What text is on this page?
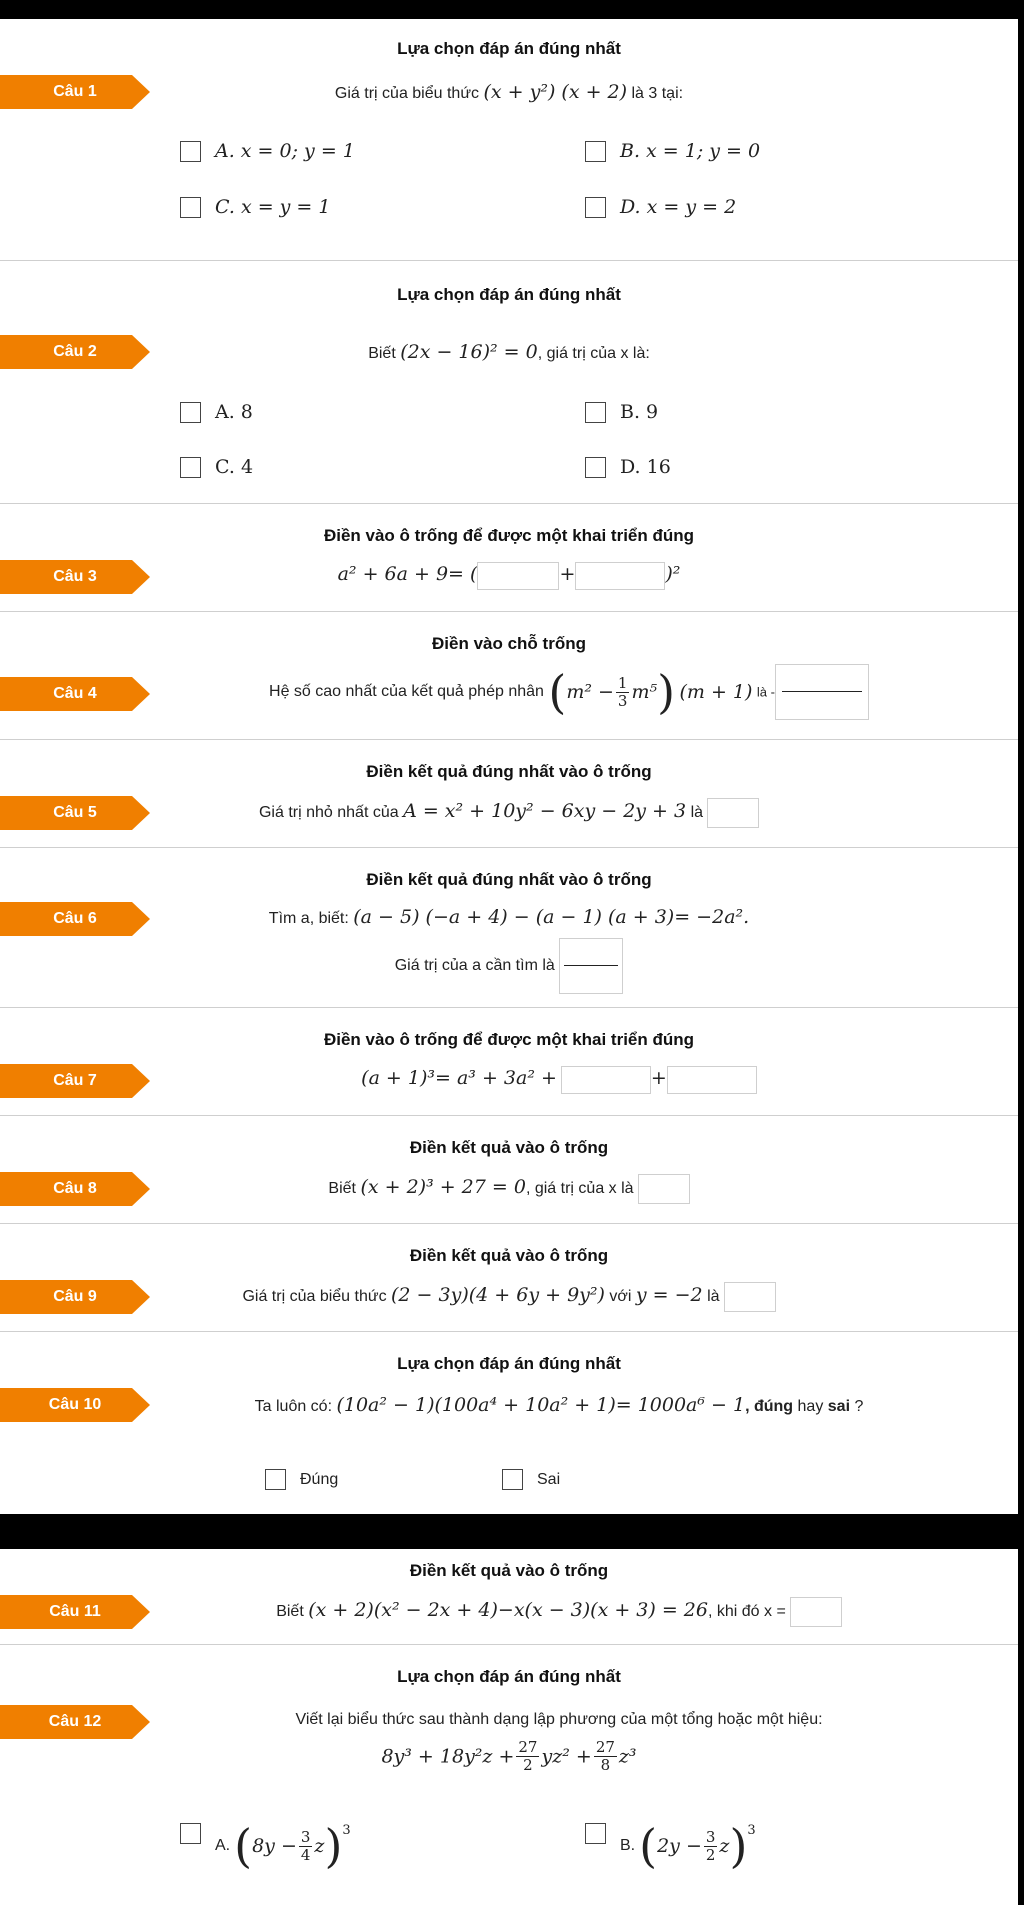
Lựa chọn đáp án đúng nhất
Câu 1	Giá trị của biểu thức (x + y²) (x + 2) là 3 tại:
A. x = 0; y = 1	B. x = 1; y = 0
C. x = y = 1	D. x = y = 2
Lựa chọn đáp án đúng nhất
Câu 2	Biết (2x − 16)² = 0, giá trị của x là:
A. 8	B. 9
C. 4	D. 16
Điền vào ô trống để được một khai triển đúng
Câu 3	a² + 6a + 9= (	+	)²
Điền vào chỗ trống
Câu 4	Hệ số cao nhất của kết quả phép nhân $(m^2 - \frac{1}{3} m^5)$ (m + 1) là -
Điền kết quả đúng nhất vào ô trống
Câu 5	Giá trị nhỏ nhất của A = x² + 10y² − 6xy − 2y + 3 là
Điền kết quả đúng nhất vào ô trống
Câu 6	Tìm a, biết: (a − 5) (−a + 4) − (a − 1) (a + 3)= −2a².
Giá trị của a cần tìm là
Điền vào ô trống để được một khai triển đúng
Câu 7	(a + 1)³= a³ + 3a² +	+
Điền kết quả vào ô trống
Câu 8	Biết (x + 2)³ + 27 = 0, giá trị của x là
Điền kết quả vào ô trống
Câu 9	Giá trị của biểu thức (2 − 3y)(4 + 6y + 9y²) với y = −2 là
Lựa chọn đáp án đúng nhất
Câu 10	Ta luôn có: (10a² − 1)(100a⁴ + 10a² + 1)= 1000a⁶ − 1, đúng hay sai ?
Đúng	Sai
Điền kết quả vào ô trống
Câu 11	Biết (x + 2)(x² − 2x + 4)−x(x − 3)(x + 3) = 26, khi đó x =
Lựa chọn đáp án đúng nhất
Câu 12	Viết lại biểu thức sau thành dạng lập phương của một tổng hoặc một hiệu:
$8y^3 + 18y^2z + \frac{27}{2} yz^2 + \frac{27}{8} z^3$
A. ( $8y - \frac{3}{4}$ z )$^3$
B. ( $2y - \frac{3}{2}$ z )$^3$
